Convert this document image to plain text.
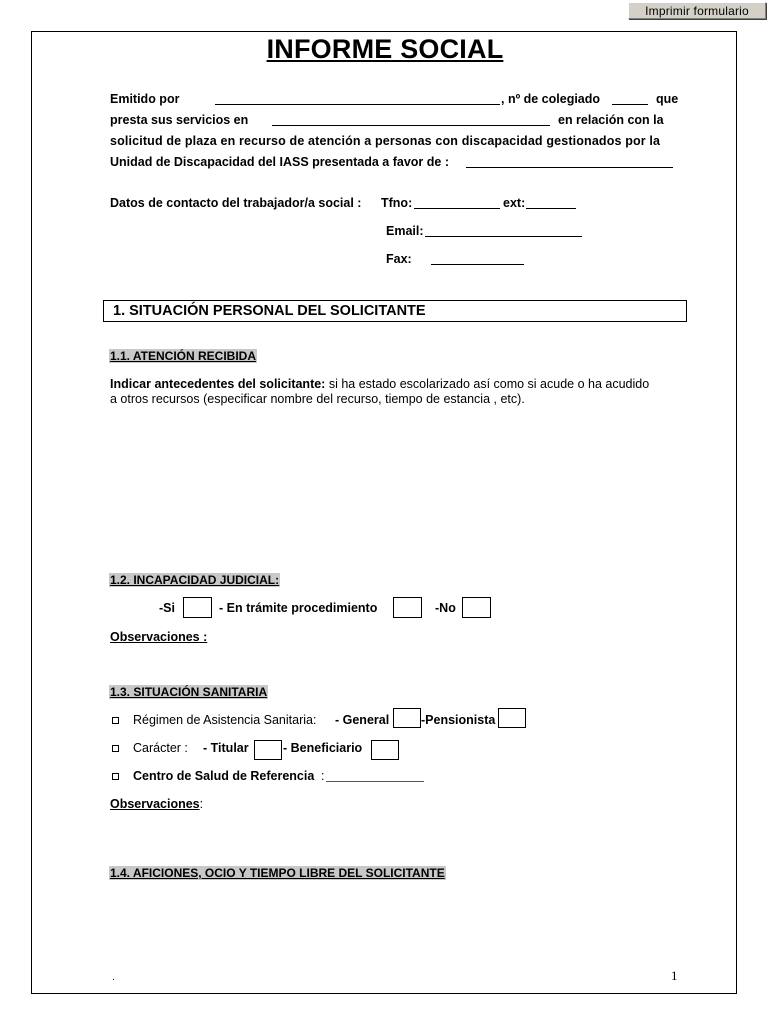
Imprimir formulario
INFORME SOCIAL
Emitido por	, nº de colegiado	que
presta sus servicios en	en relación con la
solicitud de plaza en recurso de atención a personas con discapacidad gestionados por la
Unidad de Discapacidad del IASS presentada a favor de :
Datos de contacto del trabajador/a social : Tfno:	ext:
Email:
Fax:
1. SITUACIÓN PERSONAL DEL SOLICITANTE
1.1. ATENCIÓN RECIBIDA
Indicar antecedentes del solicitante: si ha estado escolarizado así como si acude o ha acudido
a otros recursos (especificar nombre del recurso, tiempo de estancia , etc).
1.2. INCAPACIDAD JUDICIAL:
-Si	- En trámite procedimiento	-No
Observaciones :
1.3. SITUACIÓN SANITARIA
Régimen de Asistencia Sanitaria: - General	-Pensionista
Carácter : - Titular	- Beneficiario
Centro de Salud de Referencia :
Observaciones:
1.4. AFICIONES, OCIO Y TIEMPO LIBRE DEL SOLICITANTE
.	1
